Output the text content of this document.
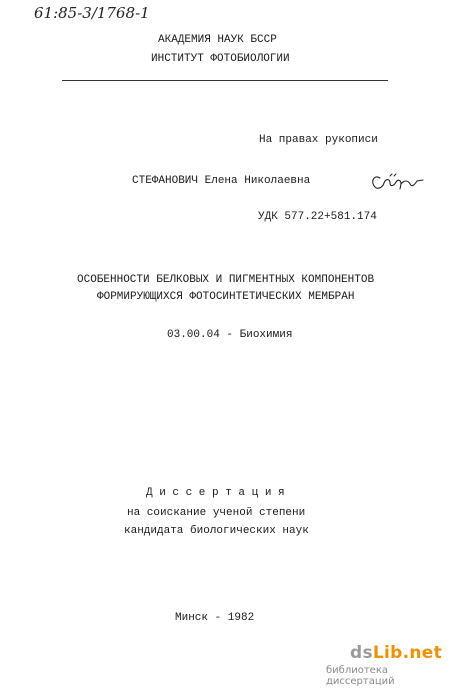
61:85-3/1768-1
АКАДЕМИЯ НАУК БССР
ИНСТИТУТ ФОТОБИОЛОГИИ
На правах рукописи
СТЕФАНОВИЧ Елена Николаевна
УДК 577.22+581.174
ОСОБЕННОСТИ БЕЛКОВЫХ И ПИГМЕНТНЫХ КОМПОНЕНТОВ
ФОРМИРУЮЩИХСЯ ФОТОСИНТЕТИЧЕСКИХ МЕМБРАН
03.00.04 - Биохимия
Д и с с е р т а ц и я
на соискание ученой степени
кандидата биологических наук
Минск - 1982
dsLib.net
библиотека диссертаций
